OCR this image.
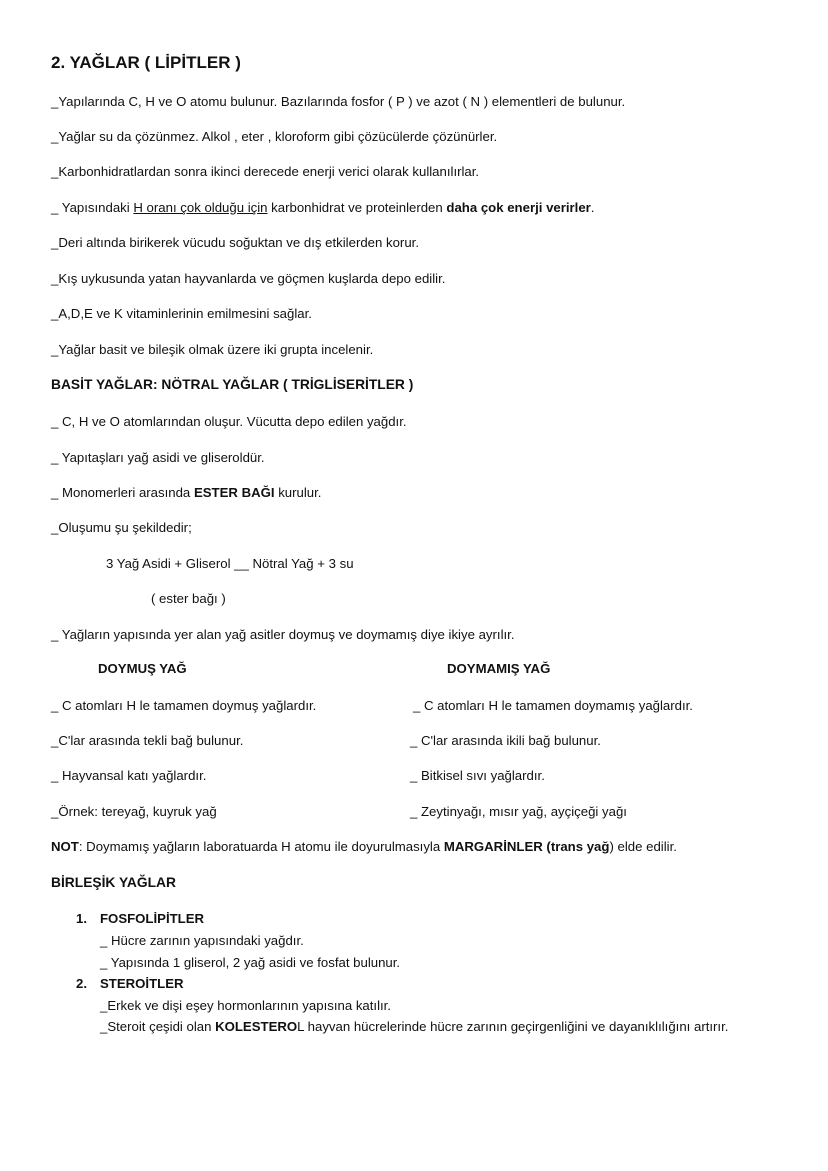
2. YAĞLAR ( LİPİTLER )
_Yapılarında C, H ve O atomu bulunur. Bazılarında fosfor ( P ) ve azot ( N ) elementleri de bulunur.
_Yağlar su da çözünmez. Alkol , eter , kloroform gibi çözücülerde çözünürler.
_Karbonhidratlardan sonra ikinci derecede enerji verici olarak kullanılırlar.
_ Yapısındaki H oranı çok olduğu için karbonhidrat ve proteinlerden daha çok enerji verirler.
_Deri altında birikerek vücudu soğuktan ve dış etkilerden korur.
_Kış uykusunda yatan hayvanlarda ve göçmen kuşlarda depo edilir.
_A,D,E ve K vitaminlerinin emilmesini sağlar.
_Yağlar basit ve bileşik olmak üzere iki grupta incelenir.
BASİT YAĞLAR: NÖTRAL YAĞLAR ( TRİGLİSERİTLER )
_ C, H ve O atomlarından oluşur. Vücutta depo edilen yağdır.
_ Yapıtaşları yağ asidi ve gliseroldür.
_ Monomerleri arasında ESTER BAĞI kurulur.
_Oluşumu şu şekildedir;
3 Yağ Asidi + Gliserol __ Nötral Yağ + 3 su
( ester bağı )
_ Yağların yapısında yer alan yağ asitler doymuş ve doymamış diye ikiye ayrılır.
DOYMUŞ YAĞ	DOYMAMIŞ YAĞ
_ C atomları H le tamamen doymuş yağlardır.
_C'lar arasında tekli bağ bulunur.
_ Hayvansal katı yağlardır.
_Örnek: tereyağ, kuyruk yağ
_ C atomları H le tamamen doymamış yağlardır.
_ C'lar arasında ikili bağ bulunur.
_ Bitkisel sıvı yağlardır.
_ Zeytinyağı, mısır yağ, ayçiçeği yağı
NOT: Doymamış yağların laboratuarda H atomu ile doyurulmasıyla MARGARİNLER (trans yağ) elde edilir.
BİRLEŞİK YAĞLAR
1. FOSFOLİPİTLER
_ Hücre zarının yapısındaki yağdır.
_ Yapısında 1 gliserol, 2 yağ asidi ve fosfat bulunur.
2. STEROİTLER
_Erkek ve dişi eşey hormonlarının yapısına katılır.
_Steroit çeşidi olan KOLESTEROL hayvan hücrelerinde hücre zarının geçirgenliğini ve dayanıklılığını artırır.
